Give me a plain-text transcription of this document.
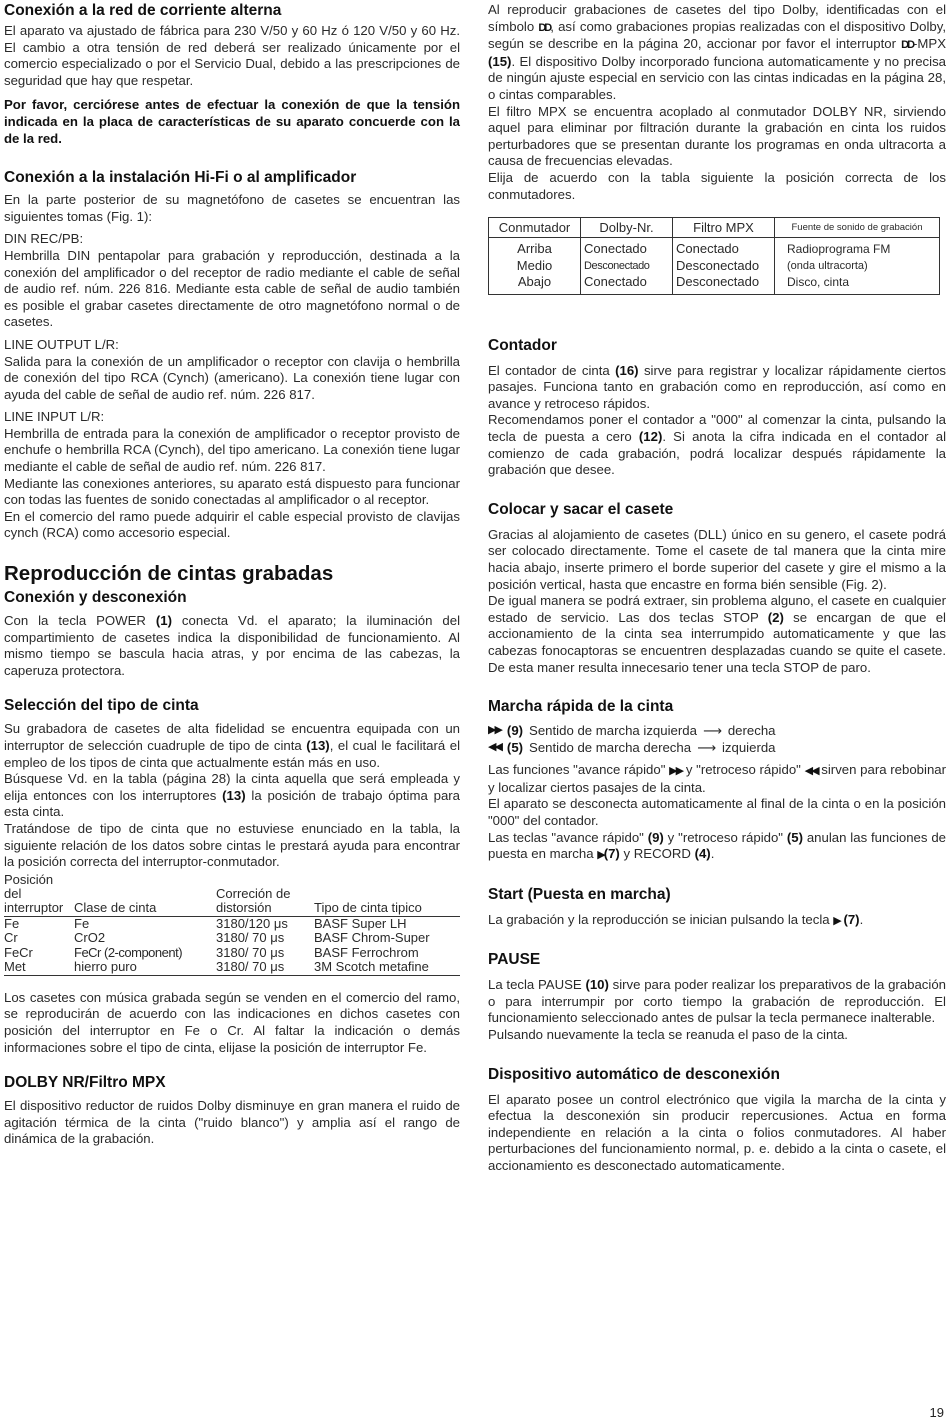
Conexión a la red de corriente alterna

El aparato va ajustado de fábrica para 230 V/50 y 60 Hz ó 120 V/50 y 60 Hz. El cambio a otra tensión de red deberá ser realizado únicamente por el comercio especializado o por el Servicio Dual, debido a las prescripciones de seguridad que hay que respetar.

Por favor, cerciórese antes de efectuar la conexión de que la tensión indicada en la placa de características de su aparato concuerde con la de la red.

Conexión a la instalación Hi-Fi o al amplificador

En la parte posterior de su magnetófono de casetes se encuentran las siguientes tomas (Fig. 1):

DIN REC/PB:

Hembrilla DIN pentapolar para grabación y reproducción, destinada a la conexión del amplificador o del receptor de radio mediante el cable de señal de audio ref. núm. 226 816. Mediante esta cable de señal de audio también es posible el grabar casetes directamente de otro magnetófono normal o de casetes.

LINE OUTPUT L/R:

Salida para la conexión de un amplificador o receptor con clavija o hembrilla de conexión del tipo RCA (Cynch) (americano). La conexión tiene lugar con ayuda del cable de señal de audio ref. núm. 226 817.

LINE INPUT L/R:

Hembrilla de entrada para la conexión de amplificador o receptor provisto de enchufe o hembrilla RCA (Cynch), del tipo americano. La conexión tiene lugar mediante el cable de señal de audio ref. núm. 226 817.

Mediante las conexiones anteriores, su aparato está dispuesto para funcionar con todas las fuentes de sonido conectadas al amplificador o al receptor.

En el comercio del ramo puede adquirir el cable especial provisto de clavijas cynch (RCA) como accesorio especial.

Reproducción de cintas grabadas
Conexión y desconexión

Con la tecla POWER (1) conecta Vd. el aparato; la iluminación del compartimiento de casetes indica la disponibilidad de funcionamiento. Al mismo tiempo se bascula hacia atras, y por encima de las cabezas, la caperuza protectora.

Selección del tipo de cinta

Su grabadora de casetes de alta fidelidad se encuentra equipada con un interruptor de selección cuadruple de tipo de cinta (13), el cual le facilitará el empleo de los tipos de cinta que actualmente están más en uso.

Búsquese Vd. en la tabla (página 28) la cinta aquella que será empleada y elija entonces con los interruptores (13) la posición de trabajo óptima para esta cinta.

Tratándose de tipo de cinta que no estuviese enunciado en la tabla, la siguiente relación de los datos sobre cintas le prestará ayuda para encontrar la posición correcta del interruptor-conmutador.

Posición del interruptor	Clase de cinta	Correción de distorsión	Tipo de cinta tipico
Fe	Fe	3180/120 μs	BASF Super LH
Cr	CrO2	3180/ 70 μs	BASF Chrom-Super
FeCr	FeCr (2-component)	3180/ 70 μs	BASF Ferrochrom
Met	hierro puro	3180/ 70 μs	3M Scotch metafine

Los casetes con música grabada según se venden en el comercio del ramo, se reproducirán de acuerdo con las indicaciones en dichos casetes con posición del interruptor en Fe o Cr. Al faltar la indicación o demás informaciones sobre el tipo de cinta, elijase la posición de interruptor Fe.

DOLBY NR/Filtro MPX

El dispositivo reductor de ruidos Dolby disminuye en gran manera el ruido de agitación térmica de la cinta ("ruido blanco") y amplia así el rango de dinámica de la grabación.

Al reproducir grabaciones de casetes del tipo Dolby, identificadas con el símbolo DD, así como grabaciones propias realizadas con el dispositivo Dolby, según se describe en la página 20, accionar por favor el interruptor DD-MPX (15). El dispositivo Dolby incorporado funciona automaticamente y no precisa de ningún ajuste especial en servicio con las cintas indicadas en la página 28, o cintas comparables.

El filtro MPX se encuentra acoplado al conmutador DOLBY NR, sirviendo aquel para eliminar por filtración durante la grabación en cinta los ruidos perturbadores que se presentan durante los programas en onda ultracorta a causa de frecuencias elevadas.

Elija de acuerdo con la tabla siguiente la posición correcta de los conmutadores.

Conmutador	Dolby-Nr.	Filtro MPX	Fuente de sonido de grabación
Arriba	Conectado	Conectado	Radioprograma FM
Medio	Desconectado	Desconectado	(onda ultracorta)
Abajo	Conectado	Desconectado	Disco, cinta
Contador

El contador de cinta (16) sirve para registrar y localizar rápidamente ciertos pasajes. Funciona tanto en grabación como en reproducción, así como en avance y retroceso rápidos.

Recomendamos poner el contador a "000" al comenzar la cinta, pulsando la tecla de puesta a cero (12). Si anota la cifra indicada en el contador al comienzo de cada grabación, podrá localizar después rápidamente la grabación que desee.

Colocar y sacar el casete

Gracias al alojamiento de casetes (DLL) único en su genero, el casete podrá ser colocado directamente. Tome el casete de tal manera que la cinta mire hacia abajo, inserte primero el borde superior del casete y gire el mismo a la posición vertical, hasta que encastre en forma bién sensible (Fig. 2).

De igual manera se podrá extraer, sin problema alguno, el casete en cualquier estado de servicio. Las dos teclas STOP (2) se encargan de que el accionamiento de la cinta sea interrumpido automaticamente y que las cabezas fonocaptoras se encuentren desplazadas cuando se quite el casete. De esta maner resulta innecesario tener una tecla STOP de paro.

Marcha rápida de la cinta
▶▶ (9) Sentido de marcha izquierda ⟶ derecha
◀◀ (5) Sentido de marcha derecha ⟶ izquierda

Las funciones "avance rápido" ▶▶ y "retroceso rápido" ◀◀ sirven para rebobinar y localizar ciertos pasajes de la cinta.

El aparato se desconecta automaticamente al final de la cinta o en la posición "000" del contador.

Las teclas "avance rápido" (9) y "retroceso rápido" (5) anulan las funciones de puesta en marcha ▶(7) y RECORD (4).

Start (Puesta en marcha)

La grabación y la reproducción se inician pulsando la tecla ▶ (7).

PAUSE

La tecla PAUSE (10) sirve para poder realizar los preparativos de la grabación o para interrumpir por corto tiempo la grabación de reproducción. El funcionamiento seleccionado antes de pulsar la tecla permanece inalterable.

Pulsando nuevamente la tecla se reanuda el paso de la cinta.

Dispositivo automático de desconexión

El aparato posee un control electrónico que vigila la marcha de la cinta y efectua la desconexión sin producir repercusiones. Actua en forma independiente en relación a la cinta o folios conmutadores. Al haber perturbaciones del funcionamiento normal, p. e. debido a la cinta o casete, el accionamiento es desconectado automaticamente.

19
